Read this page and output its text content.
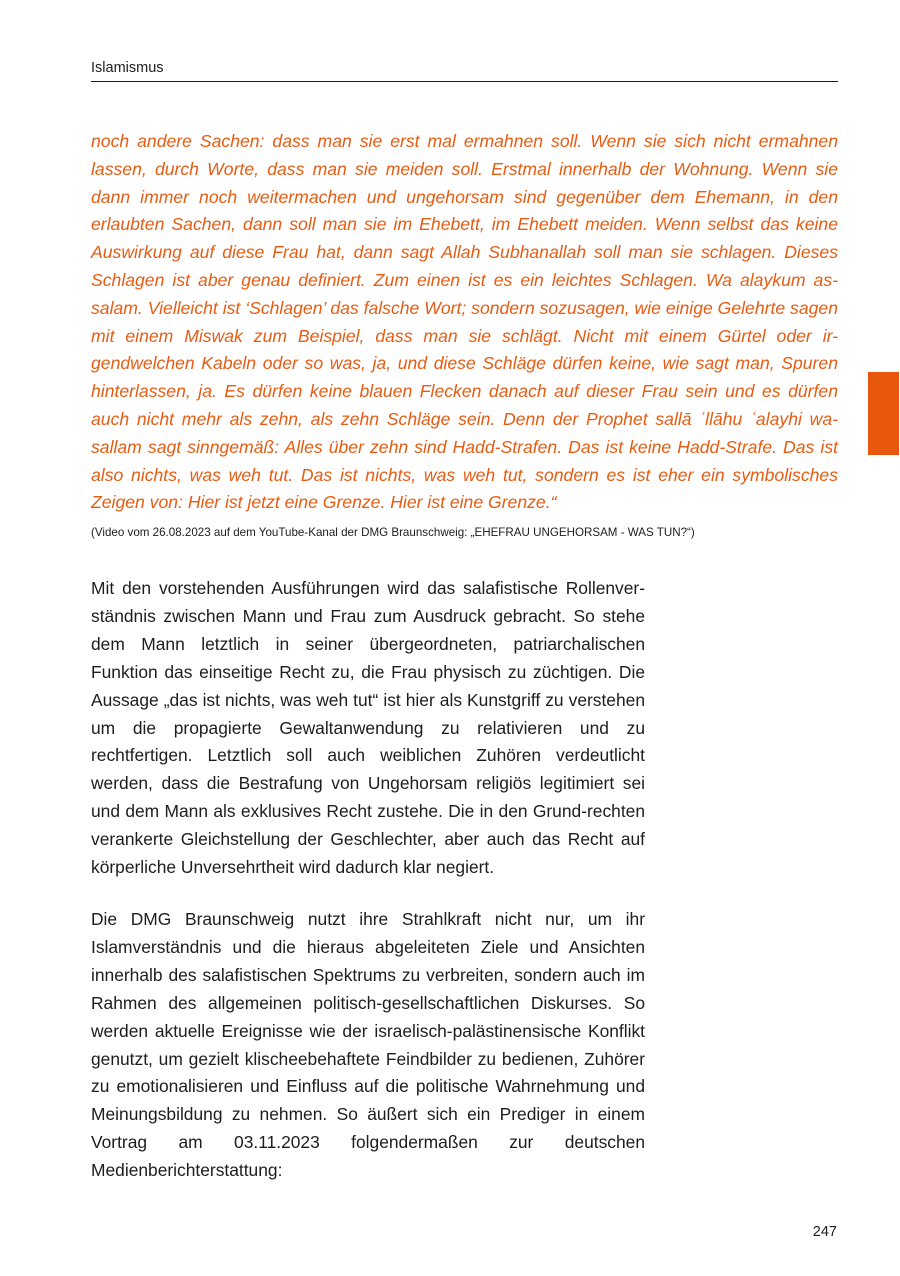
Islamismus

noch andere Sachen: dass man sie erst mal ermahnen soll. Wenn sie sich nicht ermahnen lassen, durch Worte, dass man sie meiden soll. Erstmal innerhalb der Wohnung. Wenn sie dann immer noch weitermachen und ungehorsam sind gegenüber dem Ehemann, in den erlaubten Sachen, dann soll man sie im Ehebett, im Ehebett meiden. Wenn selbst das keine Auswirkung auf diese Frau hat, dann sagt Allah Subhanallah soll man sie schlagen. Dieses Schlagen ist aber genau definiert. Zum einen ist es ein leichtes Schlagen. Wa alaykum as-salam. Vielleicht ist ‘Schlagen’ das falsche Wort; sondern sozusagen, wie einige Gelehrte sagen mit einem Miswak zum Beispiel, dass man sie schlägt. Nicht mit einem Gürtel oder ir-gendwelchen Kabeln oder so was, ja, und diese Schläge dürfen keine, wie sagt man, Spuren hinterlassen, ja. Es dürfen keine blauen Flecken danach auf dieser Frau sein und es dürfen auch nicht mehr als zehn, als zehn Schläge sein. Denn der Prophet sallā ʾllāhu ʿalayhi wa-sallam sagt sinngemäß: Alles über zehn sind Hadd-Strafen. Das ist keine Hadd-Strafe. Das ist also nichts, was weh tut. Das ist nichts, was weh tut, sondern es ist eher ein symbolisches Zeigen von: Hier ist jetzt eine Grenze. Hier ist eine Grenze.“

(Video vom 26.08.2023 auf dem YouTube-Kanal der DMG Braunschweig: „EHEFRAU UNGEHORSAM - WAS TUN?“)

Mit den vorstehenden Ausführungen wird das salafistische Rollenver-ständnis zwischen Mann und Frau zum Ausdruck gebracht. So stehe dem Mann letztlich in seiner übergeordneten, patriarchalischen Funktion das einseitige Recht zu, die Frau physisch zu züchtigen. Die Aussage „das ist nichts, was weh tut“ ist hier als Kunstgriff zu verstehen um die propagierte Gewaltanwendung zu relativieren und zu rechtfertigen. Letztlich soll auch weiblichen Zuhören verdeutlicht werden, dass die Bestrafung von Ungehorsam religiös legitimiert sei und dem Mann als exklusives Recht zustehe. Die in den Grund-rechten verankerte Gleichstellung der Geschlechter, aber auch das Recht auf körperliche Unversehrtheit wird dadurch klar negiert.

Die DMG Braunschweig nutzt ihre Strahlkraft nicht nur, um ihr Islamverständnis und die hieraus abgeleiteten Ziele und Ansichten innerhalb des salafistischen Spektrums zu verbreiten, sondern auch im Rahmen des allgemeinen politisch-gesellschaftlichen Diskurses. So werden aktuelle Ereignisse wie der israelisch-palästinensische Konflikt genutzt, um gezielt klischeebehaftete Feindbilder zu bedienen, Zuhörer zu emotionalisieren und Einfluss auf die politische Wahrnehmung und Meinungsbildung zu nehmen. So äußert sich ein Prediger in einem Vortrag am 03.11.2023 folgendermaßen zur deutschen Medienberichterstattung:

247
